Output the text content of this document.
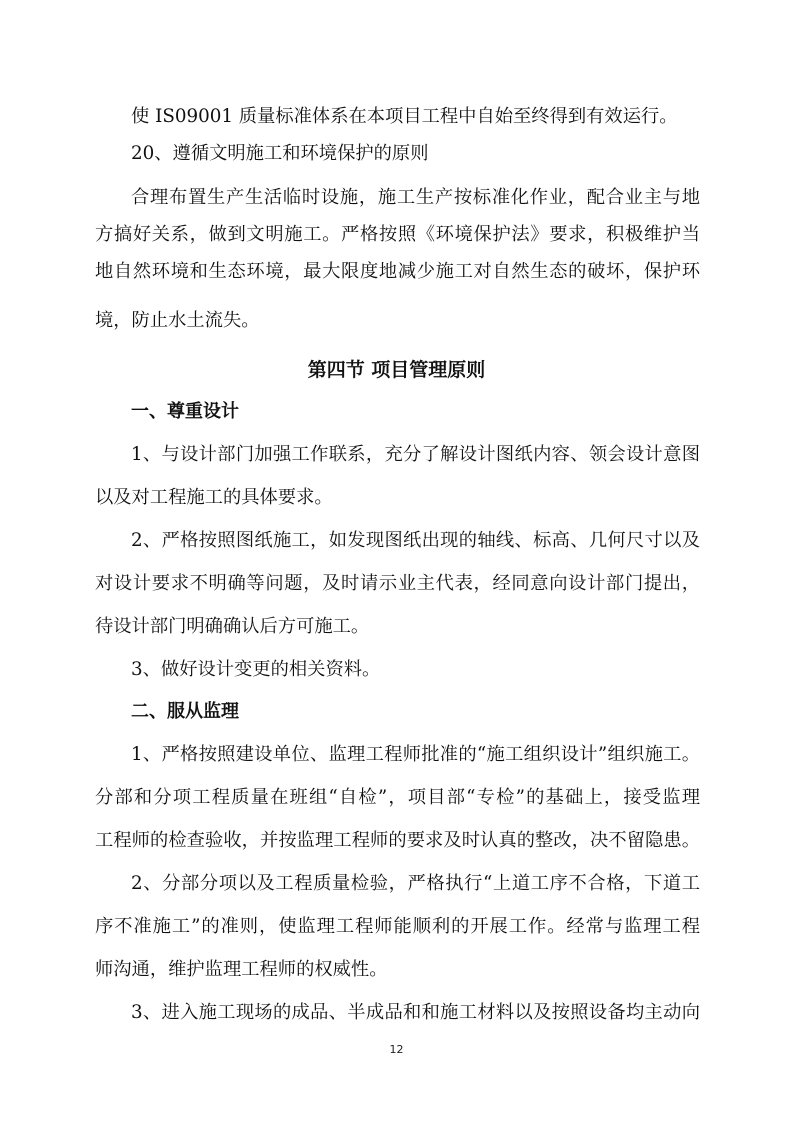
使 IS09001 质量标准体系在本项目工程中自始至终得到有效运行。
20、遵循文明施工和环境保护的原则
合理布置生产生活临时设施，施工生产按标准化作业，配合业主与地
方搞好关系，做到文明施工。严格按照《环境保护法》要求，积极维护当
地自然环境和生态环境，最大限度地减少施工对自然生态的破坏，保护环
境，防止水土流失。
第四节 项目管理原则
一、尊重设计
1、与设计部门加强工作联系，充分了解设计图纸内容、领会设计意图
以及对工程施工的具体要求。
2、严格按照图纸施工，如发现图纸出现的轴线、标高、几何尺寸以及
对设计要求不明确等问题，及时请示业主代表，经同意向设计部门提出，
待设计部门明确确认后方可施工。
3、做好设计变更的相关资料。
二、服从监理
1、严格按照建设单位、监理工程师批准的“施工组织设计”组织施工。
分部和分项工程质量在班组“自检”，项目部“专检”的基础上，接受监理
工程师的检查验收，并按监理工程师的要求及时认真的整改，决不留隐患。
2、分部分项以及工程质量检验，严格执行“上道工序不合格，下道工
序不准施工”的准则，使监理工程师能顺利的开展工作。经常与监理工程
师沟通，维护监理工程师的权威性。
3、进入施工现场的成品、半成品和和施工材料以及按照设备均主动向
12
